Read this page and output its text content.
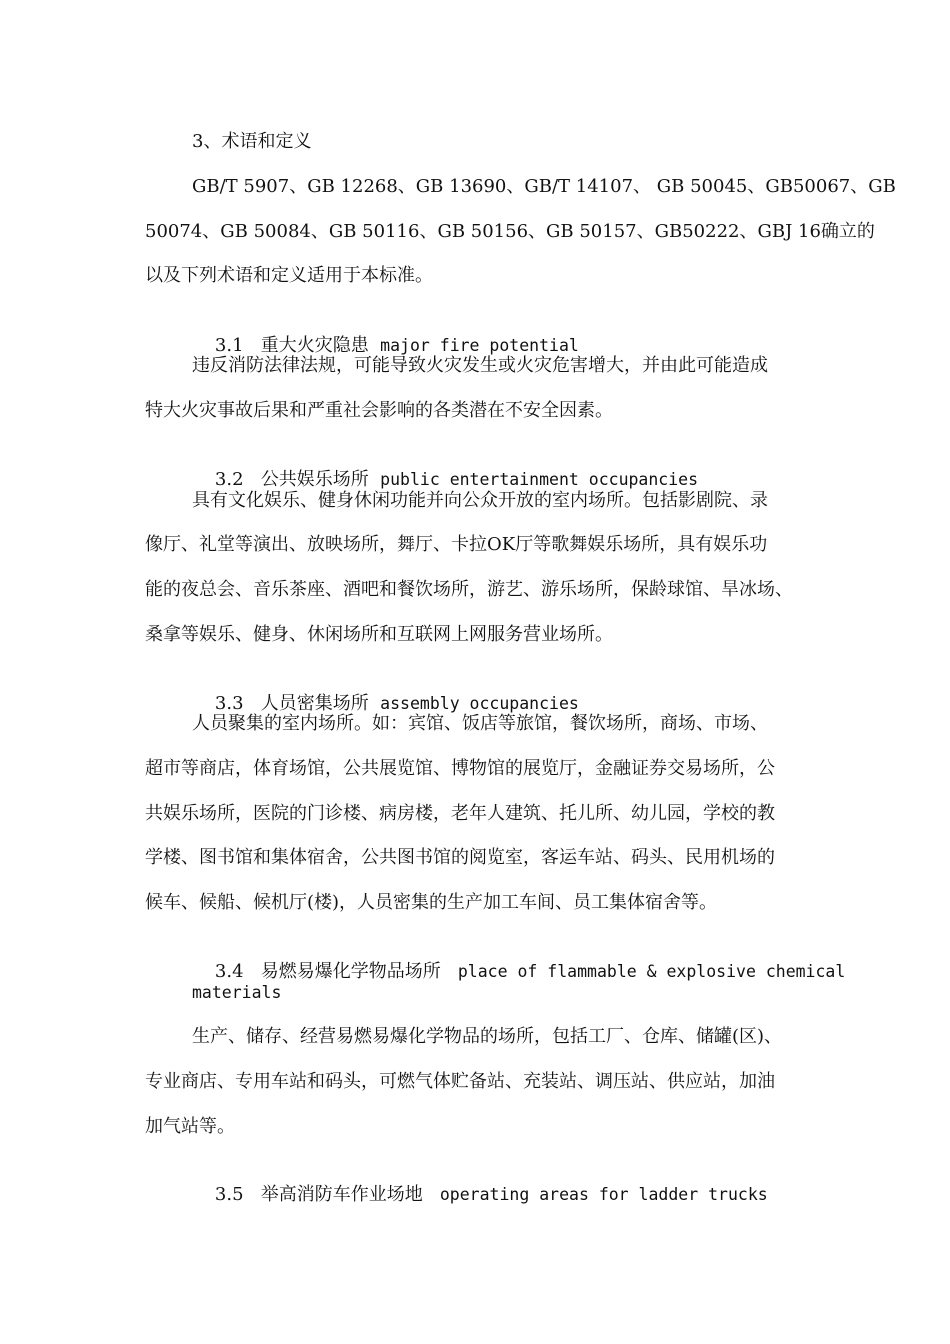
3、术语和定义
GB/T 5907、GB 12268、GB 13690、GB/T 14107、 GB 50045、GB50067、GB
50074、GB 50084、GB 50116、GB 50156、GB 50157、GB50222、GBJ 16确立的
以及下列术语和定义适用于本标准。

3.1 重大火灾隐患 major fire potential

违反消防法律法规，可能导致火灾发生或火灾危害增大，并由此可能造成
特大火灾事故后果和严重社会影响的各类潜在不安全因素。

3.2 公共娱乐场所 public entertainment occupancies

具有文化娱乐、健身休闲功能并向公众开放的室内场所。包括影剧院、录
像厅、礼堂等演出、放映场所，舞厅、卡拉OK厅等歌舞娱乐场所，具有娱乐功
能的夜总会、音乐茶座、酒吧和餐饮场所，游艺、游乐场所，保龄球馆、旱冰场、
桑拿等娱乐、健身、休闲场所和互联网上网服务营业场所。

3.3 人员密集场所 assembly occupancies

人员聚集的室内场所。如：宾馆、饭店等旅馆，餐饮场所，商场、市场、
超市等商店，体育场馆，公共展览馆、博物馆的展览厅，金融证券交易场所，公
共娱乐场所，医院的门诊楼、病房楼，老年人建筑、托儿所、幼儿园，学校的教
学楼、图书馆和集体宿舍，公共图书馆的阅览室，客运车站、码头、民用机场的
候车、候船、候机厅(楼)，人员密集的生产加工车间、员工集体宿舍等。

3.4 易燃易爆化学物品场所 place of flammable & explosive chemical

materials
生产、储存、经营易燃易爆化学物品的场所，包括工厂、仓库、储罐(区)、
专业商店、专用车站和码头，可燃气体贮备站、充装站、调压站、供应站，加油
加气站等。

3.5 举高消防车作业场地 operating areas for ladder trucks
